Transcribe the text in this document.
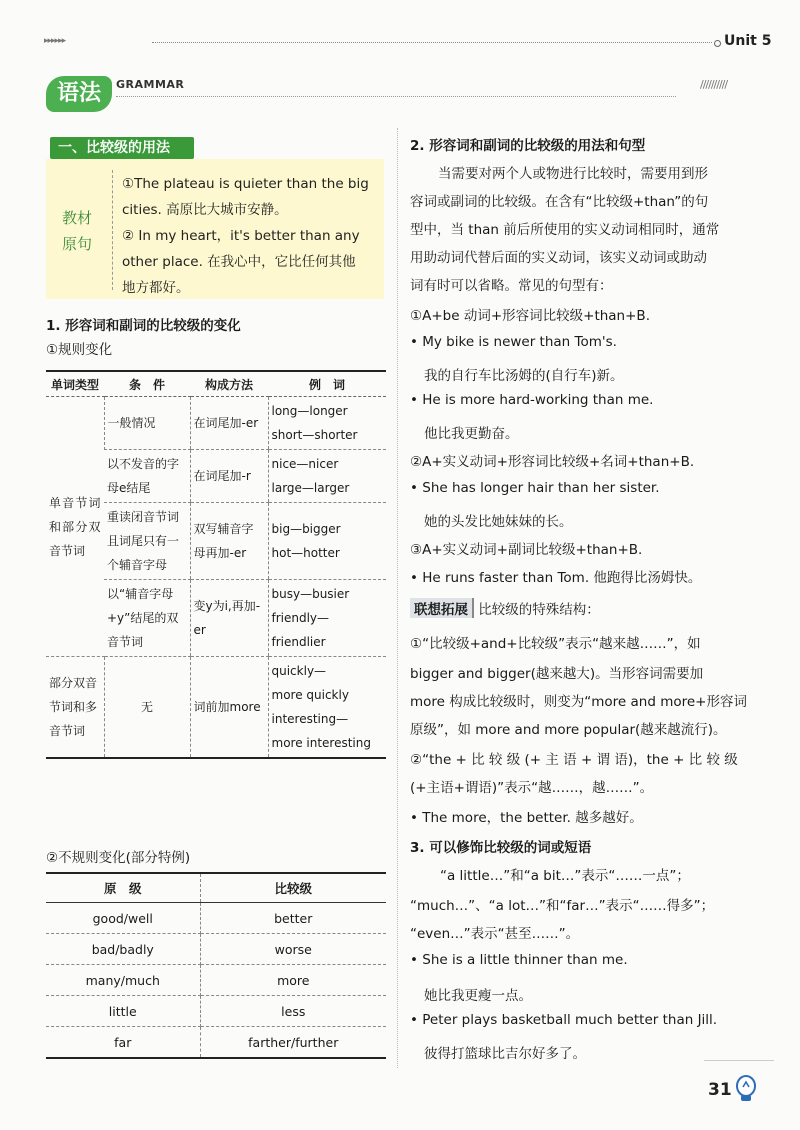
▸▸▸▸▸▸	Unit 5
语法	GRAMMAR	//////////
一、比较级的用法
教材
原句
①The plateau is quieter than the big
cities. 高原比大城市安静。
② In my heart，it's better than any
other place. 在我心中，它比任何其他
地方都好。
1. 形容词和副词的比较级的变化
①规则变化
单词类型	条　件	构成方法	例　词
单音节词和部分双音节词	一般情况	在词尾加-er	long—longer
short—shorter

	以不发音的字母e结尾	在词尾加-r	nice—nicer
large—larger

	重读闭音节词且词尾只有一个辅音字母	双写辅音字母再加-er	big—bigger
hot—hotter

	以“辅音字母+y”结尾的双音节词	变y为i,再加-er	busy—busier
friendly—friendlier

部分双音节词和多音节词	无	词前加more	quickly—
more quickly
interesting—
more interesting
②不规则变化(部分特例)
原　级	比较级
good/well	better
bad/badly	worse
many/much	more
little	less
far	farther/further
2. 形容词和副词的比较级的用法和句型
当需要对两个人或物进行比较时，需要用到形
容词或副词的比较级。在含有“比较级+than”的句
型中，当 than 前后所使用的实义动词相同时，通常
用助动词代替后面的实义动词，该实义动词或助动
词有时可以省略。常见的句型有：
①A+be 动词+形容词比较级+than+B.
• My bike is newer than Tom's.
我的自行车比汤姆的(自行车)新。
• He is more hard-working than me.
他比我更勤奋。
②A+实义动词+形容词比较级+名词+than+B.
• She has longer hair than her sister.
她的头发比她妹妹的长。
③A+实义动词+副词比较级+than+B.
• He runs faster than Tom. 他跑得比汤姆快。
联想拓展 比较级的特殊结构：
①“比较级+and+比较级”表示“越来越……”，如
bigger and bigger(越来越大)。当形容词需要加
more 构成比较级时，则变为“more and more+形容词
原级”，如 more and more popular(越来越流行)。
②“the + 比 较 级 (+ 主 语 + 谓 语)，the + 比 较 级
(+主语+谓语)”表示“越……，越……”。
• The more，the better. 越多越好。
3. 可以修饰比较级的词或短语
“a little…”和“a bit…”表示“……一点”；
“much…”、“a lot…”和“far…”表示“……得多”；
“even…”表示“甚至……”。
• She is a little thinner than me.
她比我更瘦一点。
• Peter plays basketball much better than Jill.
彼得打篮球比吉尔好多了。
31
